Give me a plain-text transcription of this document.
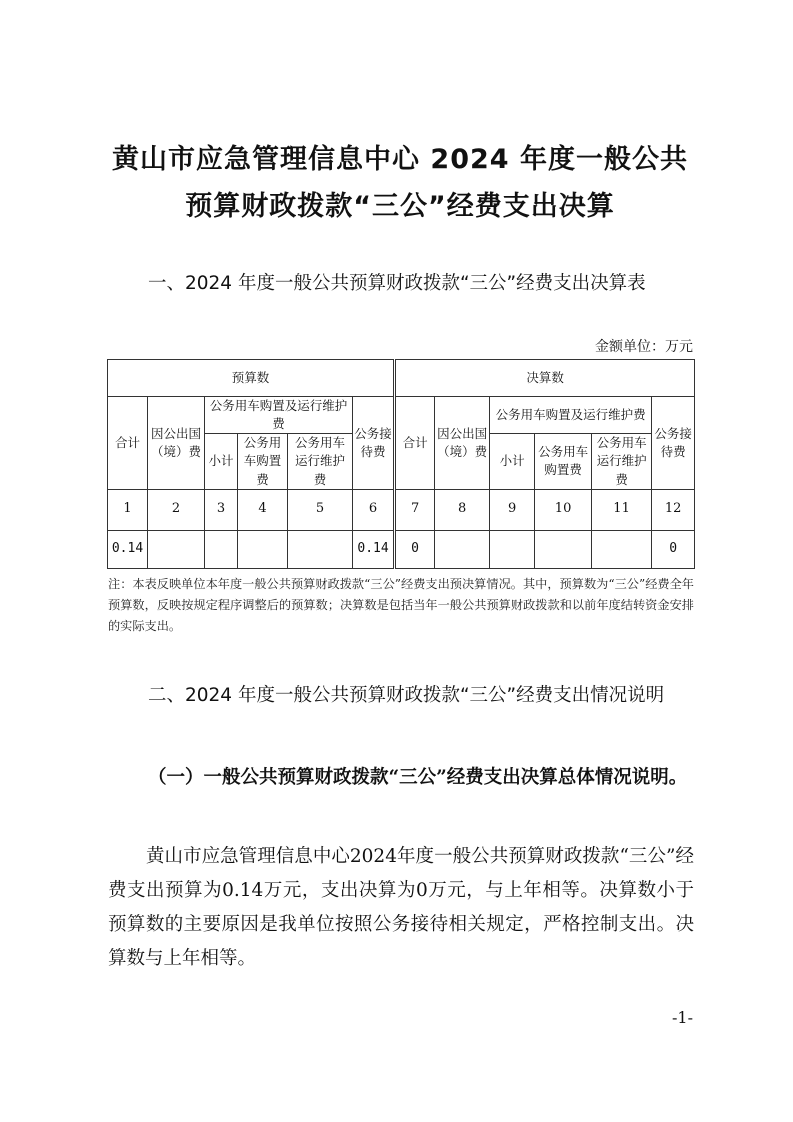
黄山市应急管理信息中心 2024 年度一般公共
预算财政拨款“三公”经费支出决算

一、2024 年度一般公共预算财政拨款“三公”经费支出决算表

金额单位：万元
预算数						决算数					
合计	因公出国（境）费	公务用车购置及运行维护费			公务接待费	合计	因公出国（境）费	公务用车购置及运行维护费			公务接待费
		小计	公务用车购置费	公务用车运行维护费				小计	公务用车购置费	公务用车运行维护费	
1	2	3	4	5	6	7	8	9	10	11	12
0.14					0.14	0					0

注：本表反映单位本年度一般公共预算财政拨款“三公”经费支出预决算情况。其中，预算数为“三公”经费全年预算数，反映按规定程序调整后的预算数；决算数是包括当年一般公共预算财政拨款和以前年度结转资金安排的实际支出。

二、2024 年度一般公共预算财政拨款“三公”经费支出情况说明

（一）一般公共预算财政拨款“三公”经费支出决算总体情况说明。

黄山市应急管理信息中心2024年度一般公共预算财政拨款“三公”经费支出预算为0.14万元，支出决算为0万元，与上年相等。决算数小于预算数的主要原因是我单位按照公务接待相关规定，严格控制支出。决算数与上年相等。

-1-
